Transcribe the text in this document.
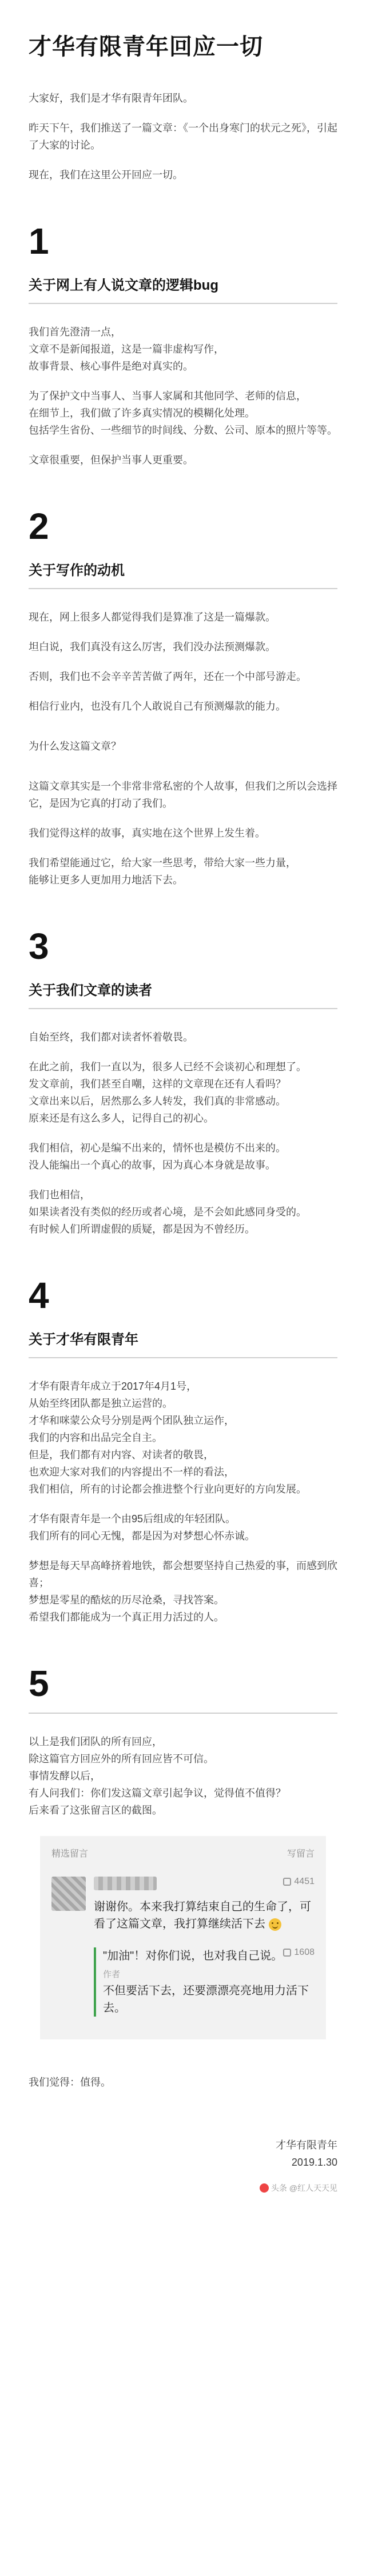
才华有限青年回应一切

大家好，我们是才华有限青年团队。

昨天下午，我们推送了一篇文章：《一个出身寒门的状元之死》，引起了大家的讨论。

现在，我们在这里公开回应一切。

1
关于网上有人说文章的逻辑bug

我们首先澄清一点，

文章不是新闻报道，这是一篇非虚构写作，

故事背景、核心事件是绝对真实的。

为了保护文中当事人、当事人家属和其他同学、老师的信息，

在细节上，我们做了许多真实情况的模糊化处理。

包括学生省份、一些细节的时间线、分数、公司、原本的照片等等。

文章很重要，但保护当事人更重要。

2
关于写作的动机

现在，网上很多人都觉得我们是算准了这是一篇爆款。

坦白说，我们真没有这么厉害，我们没办法预测爆款。

否则，我们也不会辛辛苦苦做了两年，还在一个中部号游走。

相信行业内，也没有几个人敢说自己有预测爆款的能力。

为什么发这篇文章？

这篇文章其实是一个非常非常私密的个人故事，但我们之所以会选择它，是因为它真的打动了我们。

我们觉得这样的故事，真实地在这个世界上发生着。

我们希望能通过它，给大家一些思考，带给大家一些力量，

能够让更多人更加用力地活下去。

3
关于我们文章的读者

自始至终，我们都对读者怀着敬畏。

在此之前，我们一直以为，很多人已经不会谈初心和理想了。

发文章前，我们甚至自嘲，这样的文章现在还有人看吗？

文章出来以后，居然那么多人转发，我们真的非常感动。

原来还是有这么多人，记得自己的初心。

我们相信，初心是编不出来的，情怀也是模仿不出来的。

没人能编出一个真心的故事，因为真心本身就是故事。

我们也相信，

如果读者没有类似的经历或者心境，是不会如此感同身受的。

有时候人们所谓虚假的质疑，都是因为不曾经历。

4
关于才华有限青年

才华有限青年成立于2017年4月1号，

从始至终团队都是独立运营的。

才华和咪蒙公众号分别是两个团队独立运作，

我们的内容和出品完全自主。

但是，我们都有对内容、对读者的敬畏，

也欢迎大家对我们的内容提出不一样的看法，

我们相信，所有的讨论都会推进整个行业向更好的方向发展。

才华有限青年是一个由95后组成的年轻团队。

我们所有的同心无愧，都是因为对梦想心怀赤诚。

梦想是每天早高峰挤着地铁，都会想要坚持自己热爱的事，而感到欣喜；

梦想是零星的酷炫的历尽沧桑，寻找答案。

希望我们都能成为一个真正用力活过的人。

5

以上是我们团队的所有回应，

除这篇官方回应外的所有回应皆不可信。

事情发酵以后，

有人问我们：你们发这篇文章引起争议，觉得值不值得？

后来看了这张留言区的截图。

精选留言	写留言
4451

谢谢你。本来我打算结束自己的生命了，可看了这篇文章，我打算继续活下去

"加油"！对你们说，也对我自己说。 1608
作者

不但要活下去，还要漂漂亮亮地用力活下去。

我们觉得：值得。

才华有限青年
2019.1.30
头条 @红人天天见
